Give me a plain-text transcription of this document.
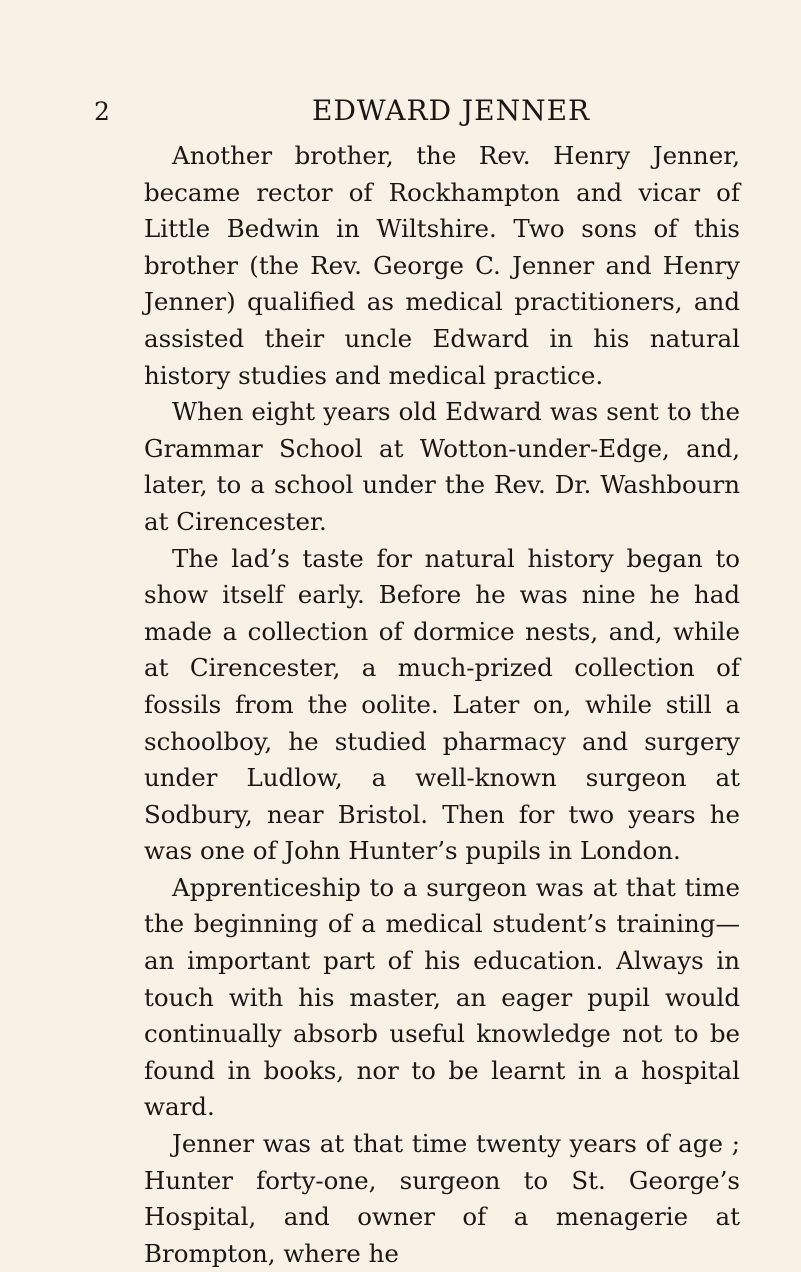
2	EDWARD JENNER

Another brother, the Rev. Henry Jenner, became rector of Rockhampton and vicar of Little Bedwin in Wiltshire. Two sons of this brother (the Rev. George C. Jenner and Henry Jenner) qualified as medical practitioners, and assisted their uncle Edward in his natural history studies and medical practice.

When eight years old Edward was sent to the Grammar School at Wotton-under-Edge, and, later, to a school under the Rev. Dr. Washbourn at Cirencester.

The lad’s taste for natural history began to show itself early. Before he was nine he had made a collection of dormice nests, and, while at Cirencester, a much-prized collection of fossils from the oolite. Later on, while still a schoolboy, he studied pharmacy and surgery under Ludlow, a well-known surgeon at Sodbury, near Bristol. Then for two years he was one of John Hunter’s pupils in London.

Apprenticeship to a surgeon was at that time the beginning of a medical student’s training—an important part of his education. Always in touch with his master, an eager pupil would continually absorb useful knowledge not to be found in books, nor to be learnt in a hospital ward.

Jenner was at that time twenty years of age ; Hunter forty-one, surgeon to St. George’s Hospital, and owner of a menagerie at Brompton, where he
